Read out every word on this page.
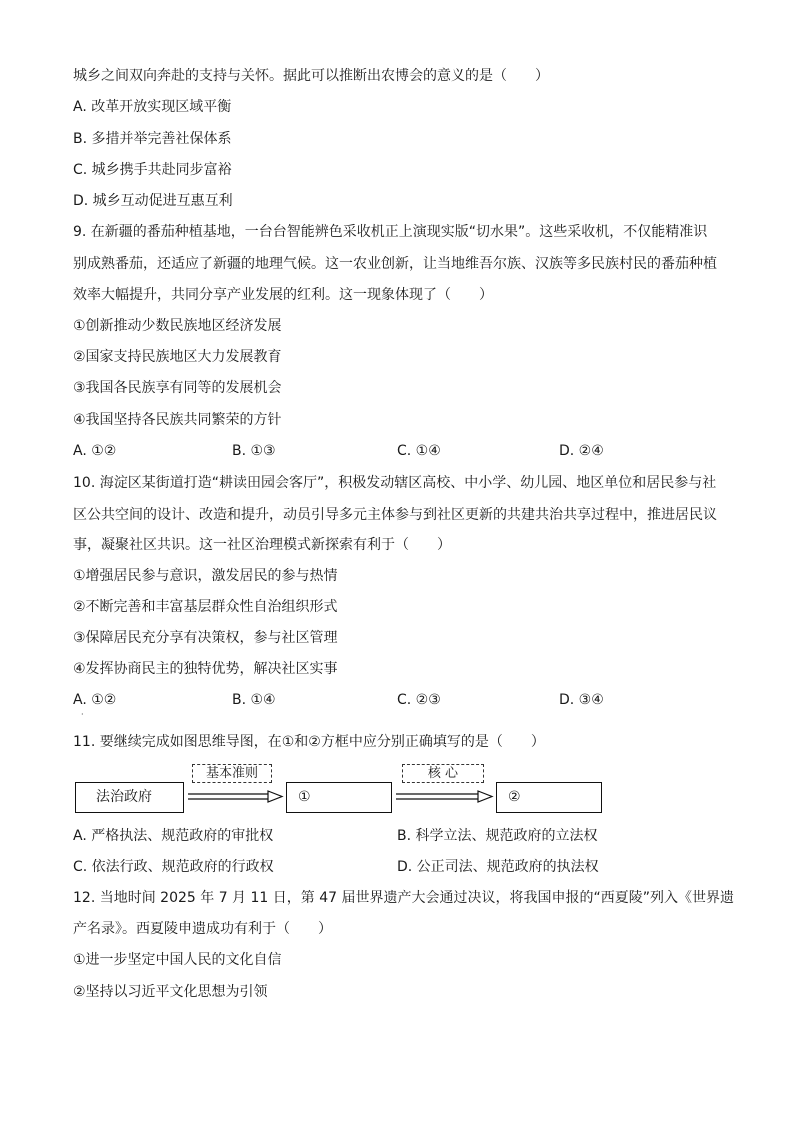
城乡之间双向奔赴的支持与关怀。据此可以推断出农博会的意义的是（　　）
A. 改革开放实现区域平衡
B. 多措并举完善社保体系
C. 城乡携手共赴同步富裕
D. 城乡互动促进互惠互利
9. 在新疆的番茄种植基地，一台台智能辨色采收机正上演现实版“切水果”。这些采收机，不仅能精准识
别成熟番茄，还适应了新疆的地理气候。这一农业创新，让当地维吾尔族、汉族等多民族村民的番茄种植
效率大幅提升，共同分享产业发展的红利。这一现象体现了（　　）
①创新推动少数民族地区经济发展
②国家支持民族地区大力发展教育
③我国各民族享有同等的发展机会
④我国坚持各民族共同繁荣的方针
A. ①②	B. ①③	C. ①④	D. ②④
10. 海淀区某街道打造“耕读田园会客厅”，积极发动辖区高校、中小学、幼儿园、地区单位和居民参与社
区公共空间的设计、改造和提升，动员引导多元主体参与到社区更新的共建共治共享过程中，推进居民议
事，凝聚社区共识。这一社区治理模式新探索有利于（　　）
①增强居民参与意识，激发居民的参与热情
②不断完善和丰富基层群众性自治组织形式
③保障居民充分享有决策权，参与社区管理
④发挥协商民主的独特优势，解决社区实事
A. ①②	B. ①④	C. ②③	D. ③④
·
11. 要继续完成如图思维导图，在①和②方框中应分别正确填写的是（　　）
法治政府
基本准则
①
核 心
②
A. 严格执法、规范政府的审批权	B. 科学立法、规范政府的立法权
C. 依法行政、规范政府的行政权	D. 公正司法、规范政府的执法权
12. 当地时间 2025 年 7 月 11 日，第 47 届世界遗产大会通过决议，将我国申报的“西夏陵”列入《世界遗
产名录》。西夏陵申遗成功有利于（　　）
①进一步坚定中国人民的文化自信
②坚持以习近平文化思想为引领
